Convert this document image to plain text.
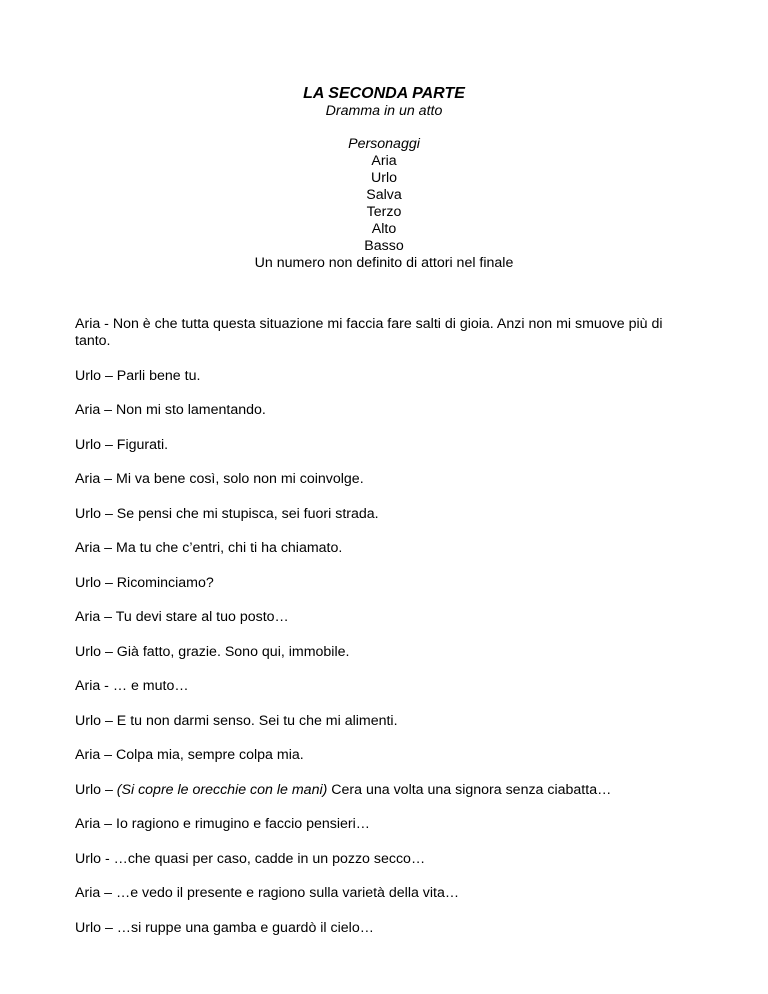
LA SECONDA PARTE
Dramma in un atto
Personaggi
Aria
Urlo
Salva
Terzo
Alto
Basso
Un numero non definito di attori nel finale

Aria - Non è che tutta questa situazione mi faccia fare salti di gioia. Anzi non mi smuove più di tanto.

Urlo – Parli bene tu.

Aria – Non mi sto lamentando.

Urlo – Figurati.

Aria – Mi va bene così, solo non mi coinvolge.

Urlo – Se pensi che mi stupisca, sei fuori strada.

Aria – Ma tu che c’entri, chi ti ha chiamato.

Urlo – Ricominciamo?

Aria – Tu devi stare al tuo posto…

Urlo – Già fatto, grazie. Sono qui, immobile.

Aria - … e muto…

Urlo – E tu non darmi senso. Sei tu che mi alimenti.

Aria – Colpa mia, sempre colpa mia.

Urlo – (Si copre le orecchie con le mani) Cera una volta una signora senza ciabatta…

Aria – Io ragiono e rimugino e faccio pensieri…

Urlo - …che quasi per caso, cadde in un pozzo secco…

Aria – …e vedo il presente e ragiono sulla varietà della vita…

Urlo – …si ruppe una gamba e guardò il cielo…
